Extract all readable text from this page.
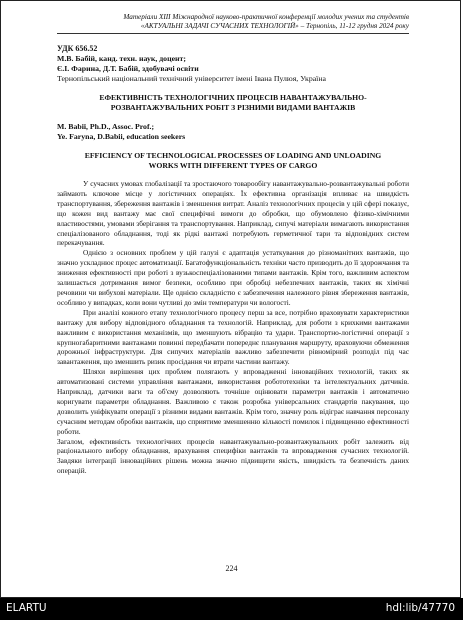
Матеріали XIII Міжнародної науково-практичної конференції молодих учених та студентів
«АКТУАЛЬНІ ЗАДАЧІ СУЧАСНИХ ТЕХНОЛОГІЙ» – Тернопіль, 11-12 грудня 2024 року
УДК 656.52
М.В. Бабій, канд. техн. наук, доцент;
Є.І. Фарина, Д.Т. Бабій, здобувачі освіти
Тернопільський національний технічний університет імені Івана Пулюя, Україна
ЕФЕКТИВНІСТЬ ТЕХНОЛОГІЧНИХ ПРОЦЕСІВ НАВАНТАЖУВАЛЬНО-
РОЗВАНТАЖУВАЛЬНИХ РОБІТ З РІЗНИМИ ВИДАМИ ВАНТАЖІВ
M. Babii, Ph.D., Assoc. Prof.;
Ye. Faryna, D.Babii, education seekers
EFFICIENCY OF TECHNOLOGICAL PROCESSES OF LOADING AND UNLOADING
WORKS WITH DIFFERENT TYPES OF CARGO

У сучасних умовах глобалізації та зростаючого товарообігу навантажувально-розвантажувальні роботи займають ключове місце у логістичних операціях. Їх ефективна організація впливає на швидкість транспортування, збереження вантажів і зменшення витрат. Аналіз технологічних процесів у цій сфері показує, що кожен вид вантажу має свої специфічні вимоги до обробки, що обумовлено фізико-хімічними властивостями, умовами зберігання та транспортування. Наприклад, сипучі матеріали вимагають використання спеціалізованого обладнання, тоді як рідкі вантажі потребують герметичної тари та відповідних систем перекачування.

Однією з основних проблем у цій галузі є адаптація устаткування до різноманітних вантажів, що значно ускладнює процес автоматизації. Багатофункціональність техніки часто призводить до її здорожчання та зниження ефективності при роботі з вузькоспеціалізованими типами вантажів. Крім того, важливим аспектом залишається дотримання вимог безпеки, особливо при обробці небезпечних вантажів, таких як хімічні речовини чи вибухові матеріали. Ще однією складністю є забезпечення належного рівня збереження вантажів, особливо у випадках, коли вони чутливі до змін температури чи вологості.

При аналізі кожного етапу технологічного процесу перш за все, потрібно враховувати характеристики вантажу для вибору відповідного обладнання та технологій. Наприклад, для роботи з крихкими вантажами важливим є використання механізмів, що зменшують вібрацію та удари. Транспортно-логістичні операції з крупногабаритними вантажами повинні передбачати попереднє планування маршруту, враховуючи обмеження дорожньої інфраструктури. Для сипучих матеріалів важливо забезпечити рівномірний розподіл під час завантаження, що зменшить ризик просідання чи втрати частини вантажу.

Шляхи вирішення цих проблем полягають у впровадженні інноваційних технологій, таких як автоматизовані системи управління вантажами, використання робототехніки та інтелектуальних датчиків. Наприклад, датчики ваги та об'єму дозволяють точніше оцінювати параметри вантажів і автоматично коригувати параметри обладнання. Важливою є також розробка універсальних стандартів пакування, що дозволить уніфікувати операції з різними видами вантажів. Крім того, значну роль відіграє навчання персоналу сучасним методам обробки вантажів, що сприятиме зменшенню кількості помилок і підвищенню ефективності роботи.

Загалом, ефективність технологічних процесів навантажувально-розвантажувальних робіт залежить від раціонального вибору обладнання, врахування специфіки вантажів та впровадження сучасних технологій. Завдяки інтеграції інноваційних рішень можна значно підвищити якість, швидкість та безпечність даних операцій.

224
ELARTU	hdl:lib/47770
